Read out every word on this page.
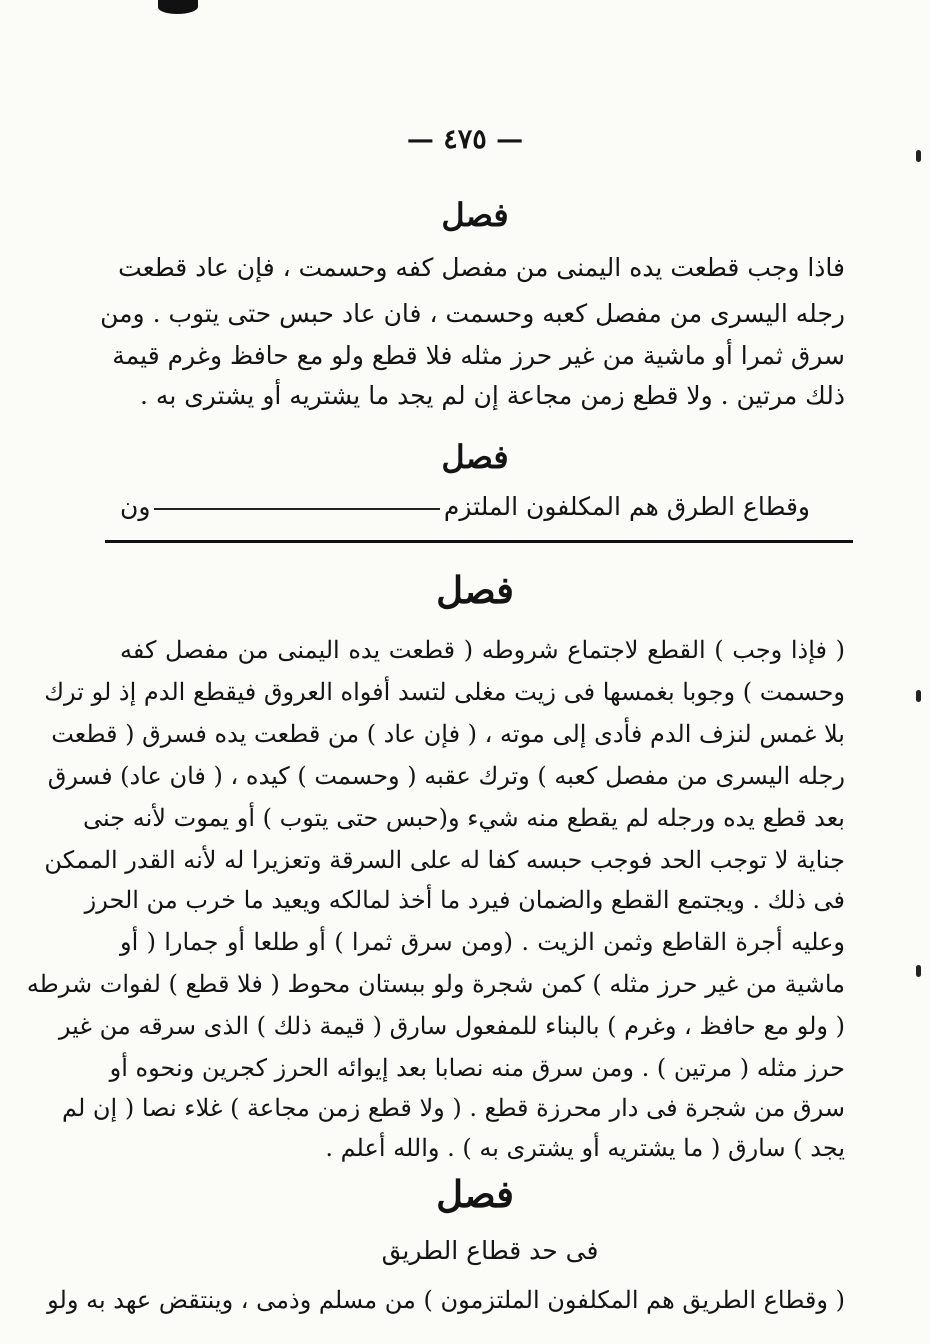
— ٤٧٥ —
فصل
فاذا وجب قطعت يده اليمنى من مفصل كفه وحسمت ، فإن عاد قطعت
رجله اليسرى من مفصل كعبه وحسمت ، فان عاد حبس حتى يتوب . ومن
سرق ثمرا أو ماشية من غير حرز مثله فلا قطع ولو مع حافظ وغرم قيمة
ذلك مرتين . ولا قطع زمن مجاعة إن لم يجد ما يشتريه أو يشترى به .
فصل
وقطاع الطرق هم المكلفون الملتزم
ون
فصل
( فإذا وجب ) القطع لاجتماع شروطه ( قطعت يده اليمنى من مفصل كفه
وحسمت ) وجوبا بغمسها فى زيت مغلى لتسد أفواه العروق فيقطع الدم إذ لو ترك
بلا غمس لنزف الدم فأدى إلى موته ، ( فإن عاد ) من قطعت يده فسرق ( قطعت
رجله اليسرى من مفصل كعبه ) وترك عقبه ( وحسمت ) كيده ، ( فان عاد) فسرق
بعد قطع يده ورجله لم يقطع منه شيء و(حبس حتى يتوب ) أو يموت لأنه جنى
جناية لا توجب الحد فوجب حبسه كفا له على السرقة وتعزيرا له لأنه القدر الممكن
فى ذلك . ويجتمع القطع والضمان فيرد ما أخذ لمالكه ويعيد ما خرب من الحرز
وعليه أجرة القاطع وثمن الزيت . (ومن سرق ثمرا ) أو طلعا أو جمارا ( أو
ماشية من غير حرز مثله ) كمن شجرة ولو ببستان محوط ( فلا قطع ) لفوات شرطه
( ولو مع حافظ ، وغرم ) بالبناء للمفعول سارق ( قيمة ذلك ) الذى سرقه من غير
حرز مثله ( مرتين ) . ومن سرق منه نصابا بعد إيوائه الحرز كجرين ونحوه أو
سرق من شجرة فى دار محرزة قطع . ( ولا قطع زمن مجاعة ) غلاء نصا ( إن لم
يجد ) سارق ( ما يشتريه أو يشترى به ) . والله أعلم .
فصل
فى حد قطاع الطريق
( وقطاع الطريق هم المكلفون الملتزمون ) من مسلم وذمى ، وينتقض عهد به ولو
